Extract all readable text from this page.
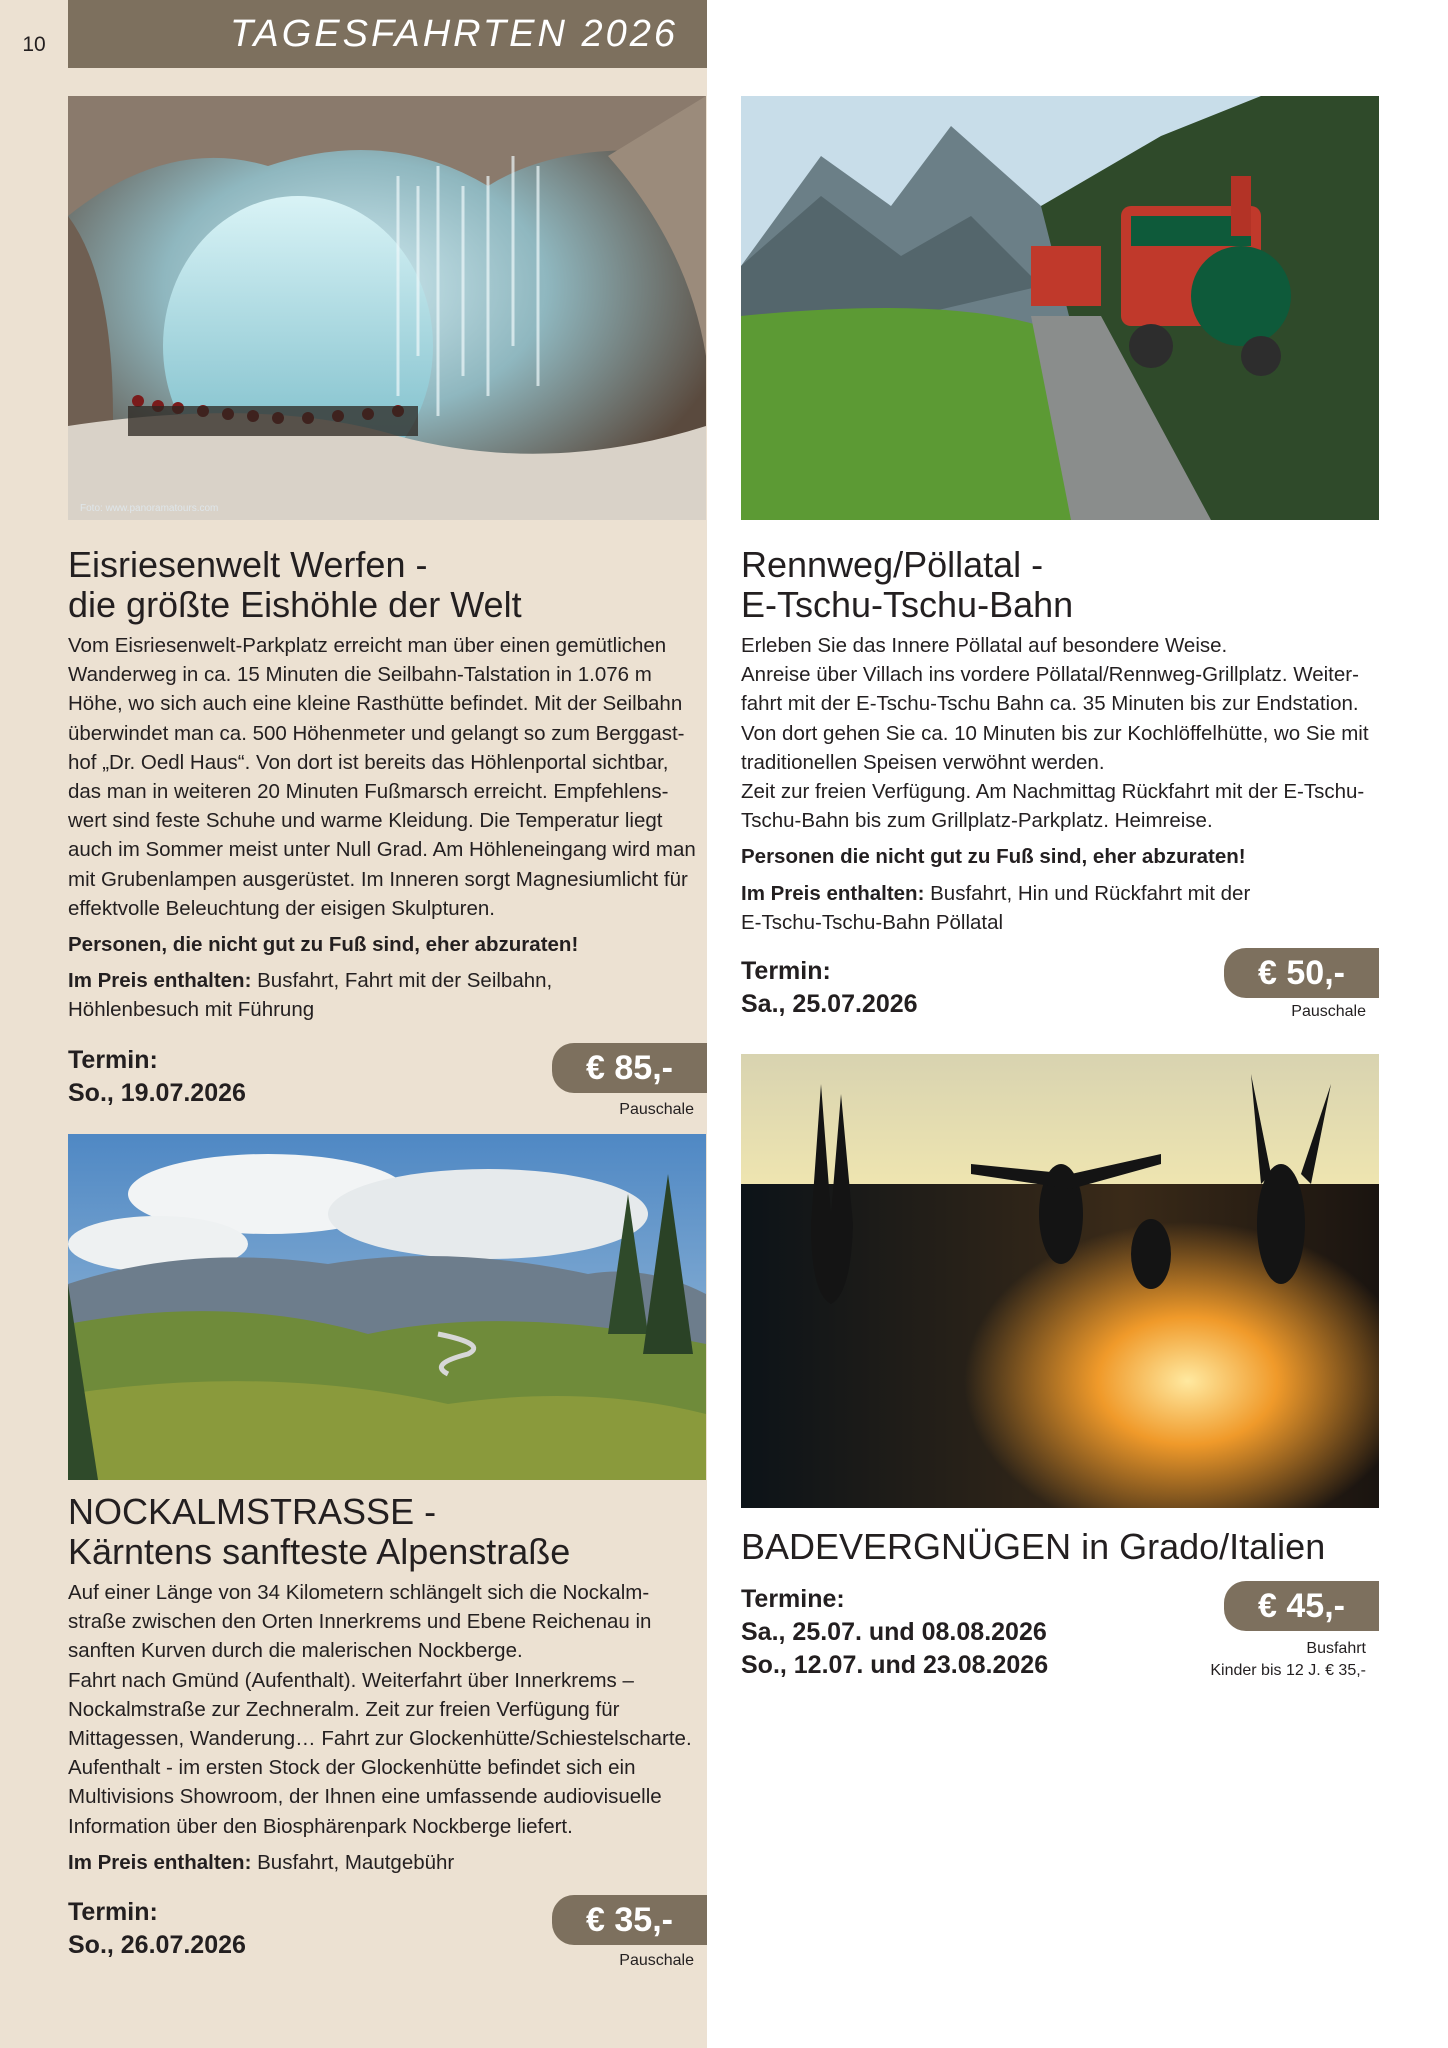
10	TAGESFAHRTEN 2026
Foto: www.panoramatours.com
Eisriesenwelt Werfen -
die größte Eishöhle der Welt

Vom Eisriesenwelt-Parkplatz erreicht man über einen gemütlichen

Wanderweg in ca. 15 Minuten die Seilbahn-Talstation in 1.076 m

Höhe, wo sich auch eine kleine Rasthütte befindet. Mit der Seilbahn

überwindet man ca. 500 Höhenmeter und gelangt so zum Berggast-

hof „Dr. Oedl Haus“. Von dort ist bereits das Höhlenportal sichtbar,

das man in weiteren 20 Minuten Fußmarsch erreicht. Empfehlens-

wert sind feste Schuhe und warme Kleidung. Die Temperatur liegt

auch im Sommer meist unter Null Grad. Am Höhleneingang wird man

mit Grubenlampen ausgerüstet. Im Inneren sorgt Magnesiumlicht für

effektvolle Beleuchtung der eisigen Skulpturen.

Personen, die nicht gut zu Fuß sind, eher abzuraten!

Im Preis enthalten: Busfahrt, Fahrt mit der Seilbahn,

Höhlenbesuch mit Führung

Termin:
So., 19.07.2026
€ 85,-
Pauschale
Rennweg/Pöllatal -
E-Tschu-Tschu-Bahn

Erleben Sie das Innere Pöllatal auf besondere Weise.

Anreise über Villach ins vordere Pöllatal/Rennweg-Grillplatz. Weiter-

fahrt mit der E-Tschu-Tschu Bahn ca. 35 Minuten bis zur Endstation.

Von dort gehen Sie ca. 10 Minuten bis zur Kochlöffelhütte, wo Sie mit

traditionellen Speisen verwöhnt werden.

Zeit zur freien Verfügung. Am Nachmittag Rückfahrt mit der E-Tschu-

Tschu-Bahn bis zum Grillplatz-Parkplatz. Heimreise.

Personen die nicht gut zu Fuß sind, eher abzuraten!

Im Preis enthalten: Busfahrt, Hin und Rückfahrt mit der

E-Tschu-Tschu-Bahn Pöllatal

Termin:
Sa., 25.07.2026
€ 50,-
Pauschale
NOCKALMSTRASSE -
Kärntens sanfteste Alpenstraße

Auf einer Länge von 34 Kilometern schlängelt sich die Nockalm-

straße zwischen den Orten Innerkrems und Ebene Reichenau in

sanften Kurven durch die malerischen Nockberge.

Fahrt nach Gmünd (Aufenthalt). Weiterfahrt über Innerkrems –

Nockalmstraße zur Zechneralm. Zeit zur freien Verfügung für

Mittagessen, Wanderung… Fahrt zur Glockenhütte/Schiestelscharte.

Aufenthalt - im ersten Stock der Glockenhütte befindet sich ein

Multivisions Showroom, der Ihnen eine umfassende audiovisuelle

Information über den Biosphärenpark Nockberge liefert.

Im Preis enthalten: Busfahrt, Mautgebühr

Termin:
So., 26.07.2026
€ 35,-
Pauschale
BADEVERGNÜGEN in Grado/Italien
Termine:
Sa., 25.07. und 08.08.2026
So., 12.07. und 23.08.2026
€ 45,-
Busfahrt
Kinder bis 12 J. € 35,-
